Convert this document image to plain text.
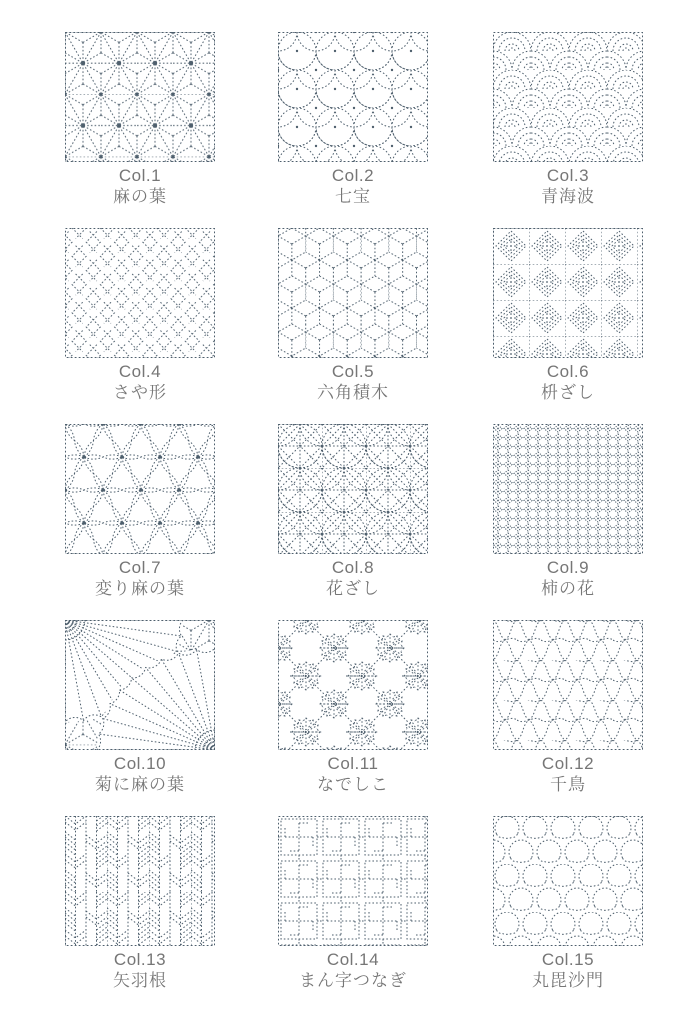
Col.1
麻の葉
Col.2
七宝
Col.3
青海波
Col.4
さや形
Col.5
六角積木
Col.6
枡ざし
Col.7
変り麻の葉
Col.8
花ざし
Col.9
柿の花
Col.10
菊に麻の葉
Col.11
なでしこ
Col.12
千鳥
Col.13
矢羽根
Col.14
まん字つなぎ
Col.15
丸毘沙門
